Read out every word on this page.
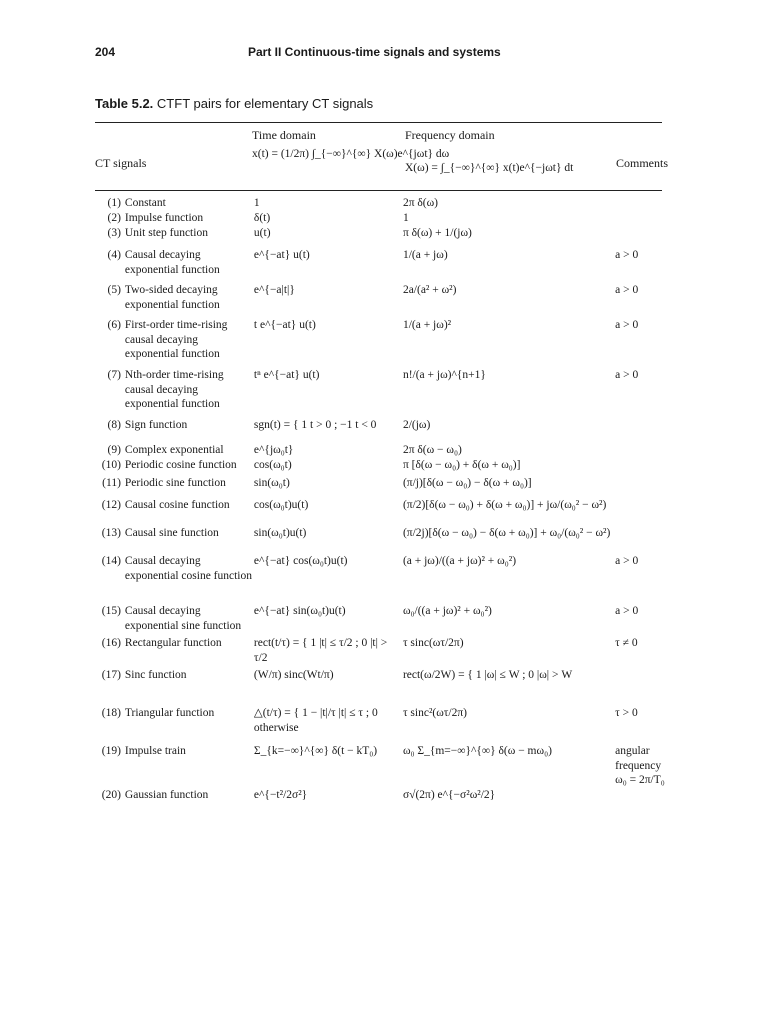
204	Part II Continuous-time signals and systems
Table 5.2. CTFT pairs for elementary CT signals
CT signals
Time domain	Frequency domain
Comments
x(t) = (1/2π) ∫_{−∞}^{∞} X(ω)e^{jωt} dω
X(ω) = ∫_{−∞}^{∞} x(t)e^{−jωt} dt
(1)	Constant	1	2π δ(ω)	
(2)	Impulse function	δ(t)	1	
(3)	Unit step function	u(t)	π δ(ω) + 1/(jω)	
(4)	Causal decaying exponential function	e^{−at} u(t)	1/(a + jω)	a > 0
(5)	Two-sided decaying exponential function	e^{−a|t|}	2a/(a² + ω²)	a > 0
(6)	First-order time-rising causal decaying exponential function	t e^{−at} u(t)	1/(a + jω)²	a > 0
(7)	Nth-order time-rising causal decaying exponential function	tⁿ e^{−at} u(t)	n!/(a + jω)^{n+1}	a > 0
(8)	Sign function	sgn(t) = { 1 t > 0 ; −1 t < 0	2/(jω)	
(9)	Complex exponential	e^{jω₀t}	2π δ(ω − ω₀)	
(10)	Periodic cosine function	cos(ω₀t)	π [δ(ω − ω₀) + δ(ω + ω₀)]	
(11)	Periodic sine function	sin(ω₀t)	(π/j)[δ(ω − ω₀) − δ(ω + ω₀)]	
(12)	Causal cosine function	cos(ω₀t)u(t)	(π/2)[δ(ω − ω₀) + δ(ω + ω₀)] + jω/(ω₀² − ω²)	
(13)	Causal sine function	sin(ω₀t)u(t)	(π/2j)[δ(ω − ω₀) − δ(ω + ω₀)] + ω₀/(ω₀² − ω²)	
(14)	Causal decaying exponential cosine function	e^{−at} cos(ω₀t)u(t)	(a + jω)/((a + jω)² + ω₀²)	a > 0
(15)	Causal decaying exponential sine function	e^{−at} sin(ω₀t)u(t)	ω₀/((a + jω)² + ω₀²)	a > 0
(16)	Rectangular function	rect(t/τ) = { 1 |t| ≤ τ/2 ; 0 |t| > τ/2	τ sinc(ωτ/2π)	τ ≠ 0
(17)	Sinc function	(W/π) sinc(Wt/π)	rect(ω/2W) = { 1 |ω| ≤ W ; 0 |ω| > W	
(18)	Triangular function	△(t/τ) = { 1 − |t|/τ |t| ≤ τ ; 0 otherwise	τ sinc²(ωτ/2π)	τ > 0
(19)	Impulse train	Σ_{k=−∞}^{∞} δ(t − kT₀)	ω₀ Σ_{m=−∞}^{∞} δ(ω − mω₀)	angular frequency ω₀ = 2π/T₀
(20)	Gaussian function	e^{−t²/2σ²}	σ√(2π) e^{−σ²ω²/2}	
